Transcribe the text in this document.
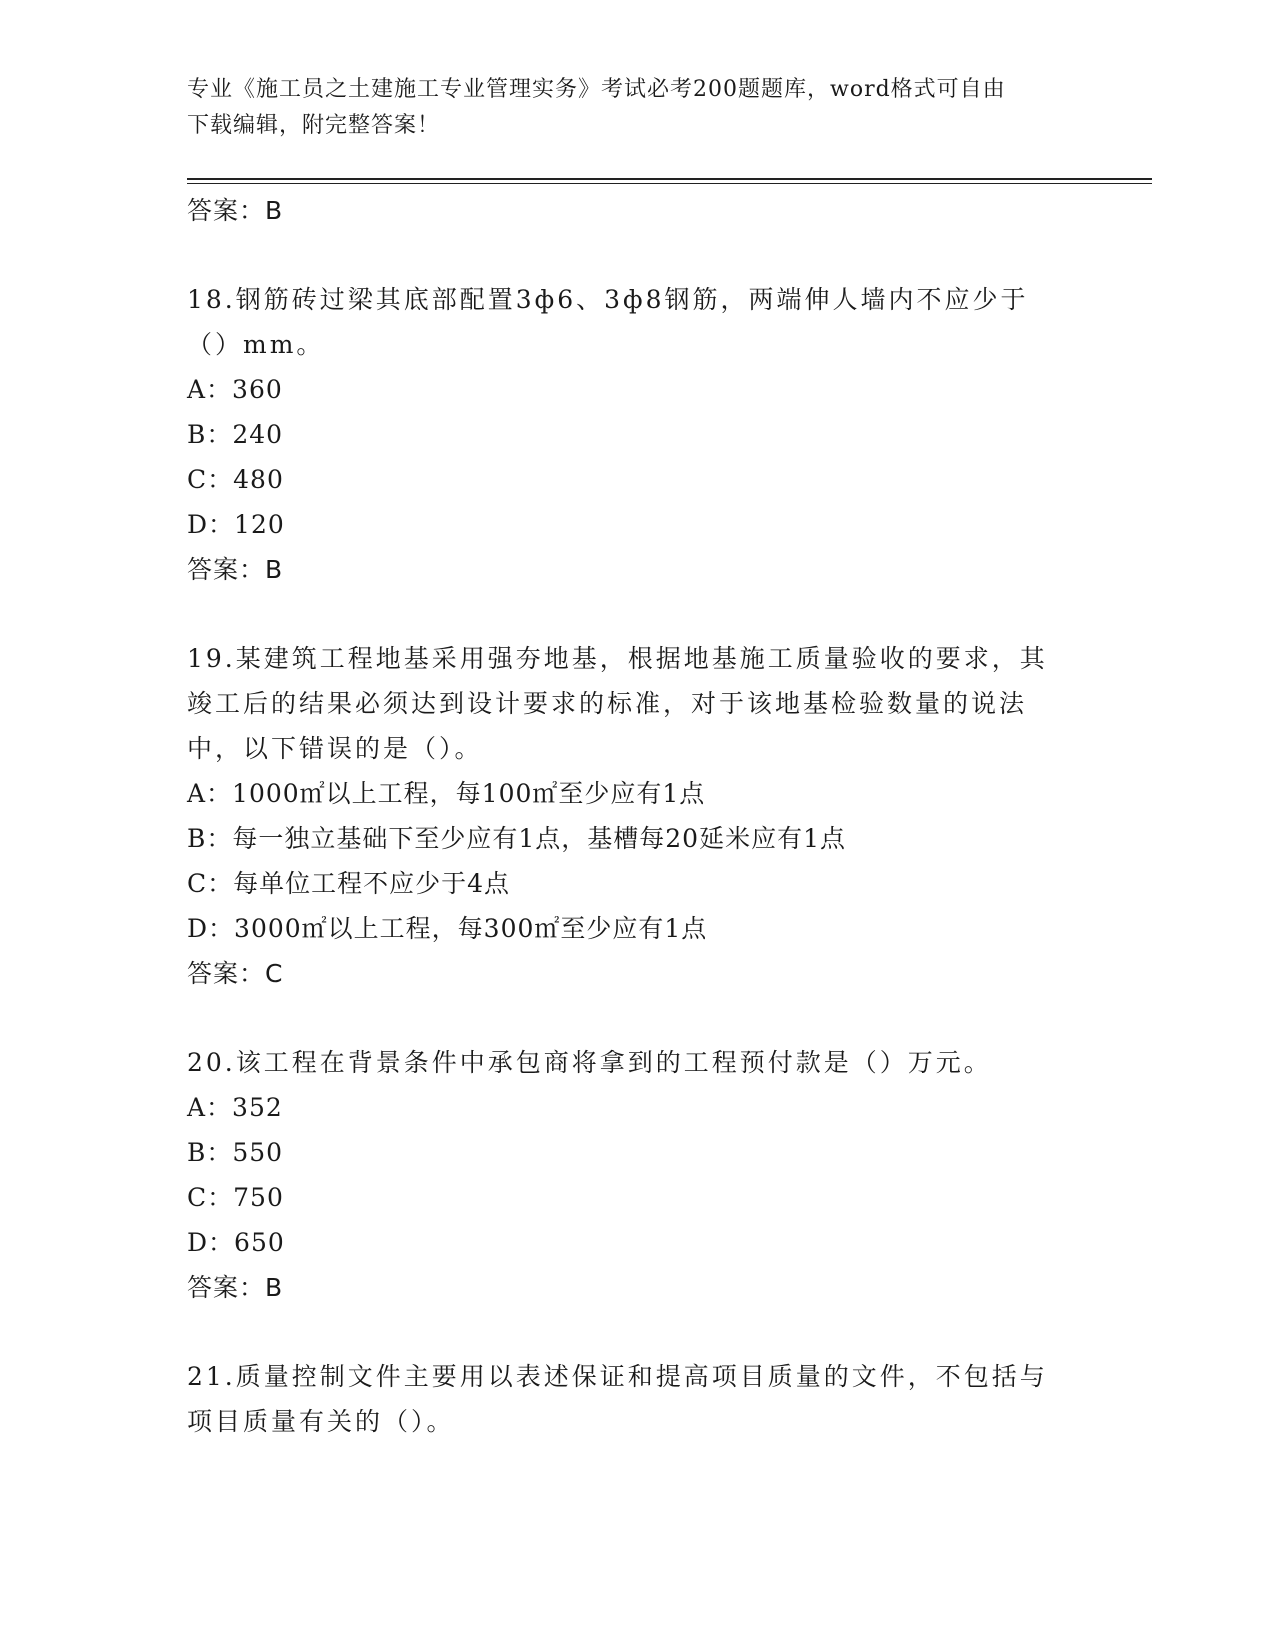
专业《施工员之土建施工专业管理实务》考试必考200题题库，word格式可自由
下载编辑，附完整答案！
答案：B
18.钢筋砖过梁其底部配置3ф6、3ф8钢筋，两端伸人墙内不应少于
（）mm。
A：360
B：240
C：480
D：120
答案：B
19.某建筑工程地基采用强夯地基，根据地基施工质量验收的要求，其
竣工后的结果必须达到设计要求的标准，对于该地基检验数量的说法
中，以下错误的是（）。
A：1000㎡以上工程，每100㎡至少应有1点
B：每一独立基础下至少应有1点，基槽每20延米应有1点
C：每单位工程不应少于4点
D：3000㎡以上工程，每300㎡至少应有1点
答案：C
20.该工程在背景条件中承包商将拿到的工程预付款是（）万元。
A：352
B：550
C：750
D：650
答案：B
21.质量控制文件主要用以表述保证和提高项目质量的文件，不包括与
项目质量有关的（）。
